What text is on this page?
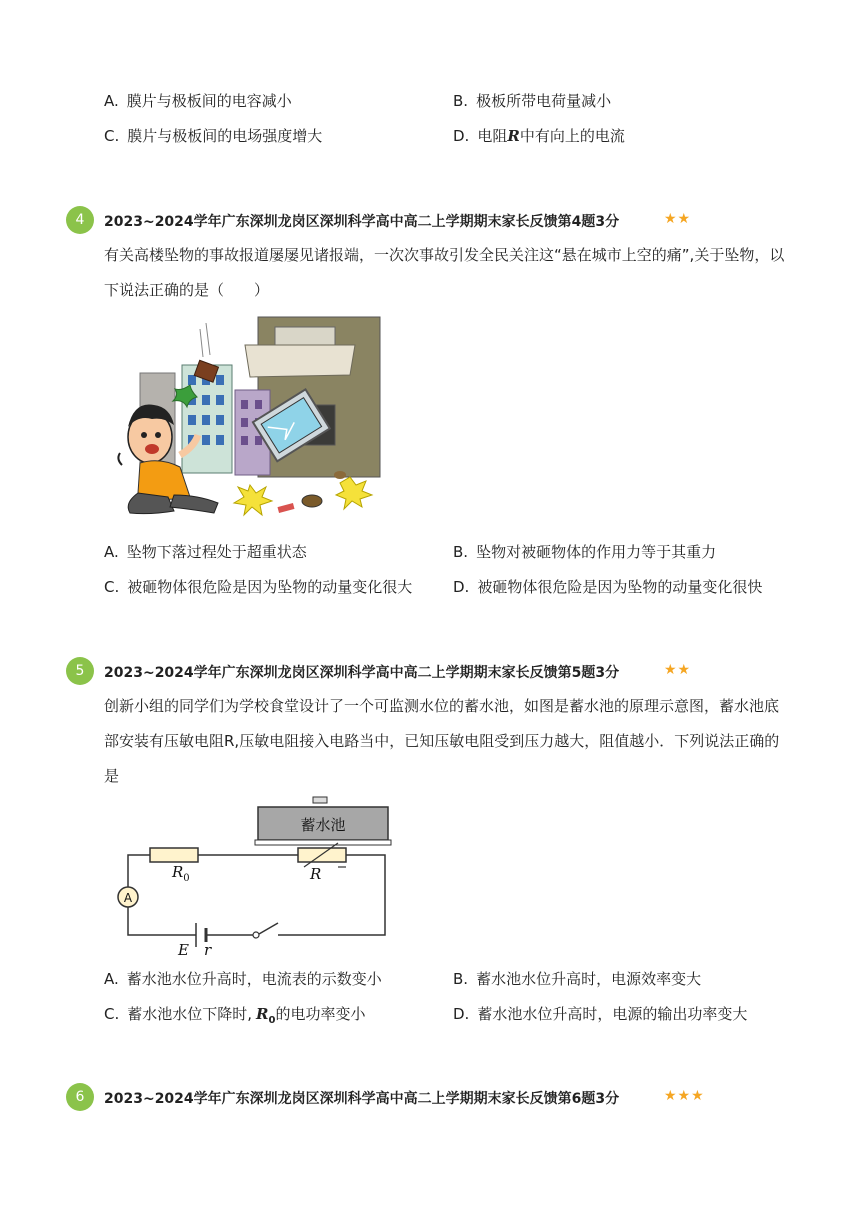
A. 膜片与极板间的电容减小	B. 极板所带电荷量减小
C. 膜片与极板间的电场强度增大	D. 电阻R中有向上的电流
4	2023~2024学年广东深圳龙岗区深圳科学高中高二上学期期末家长反馈第4题3分	★★
有关高楼坠物的事故报道屡屡见诸报端，一次次事故引发全民关注这“悬在城市上空的痛”,关于坠物，以
下说法正确的是（　　）
A. 坠物下落过程处于超重状态	B. 坠物对被砸物体的作用力等于其重力
C. 被砸物体很危险是因为坠物的动量变化很大	D. 被砸物体很危险是因为坠物的动量变化很快
5	2023~2024学年广东深圳龙岗区深圳科学高中高二上学期期末家长反馈第5题3分	★★
创新小组的同学们为学校食堂设计了一个可监测水位的蓄水池，如图是蓄水池的原理示意图，蓄水池底
部安装有压敏电阻R,压敏电阻接入电路当中，已知压敏电阻受到压力越大，阻值越小．下列说法正确的
是
蓄水池
$R_0$	R
A
E r
A. 蓄水池水位升高时，电流表的示数变小	B. 蓄水池水位升高时，电源效率变大
C. 蓄水池水位下降时, $R_0$的电功率变小	D. 蓄水池水位升高时，电源的输出功率变大
6	2023~2024学年广东深圳龙岗区深圳科学高中高二上学期期末家长反馈第6题3分	★★★
